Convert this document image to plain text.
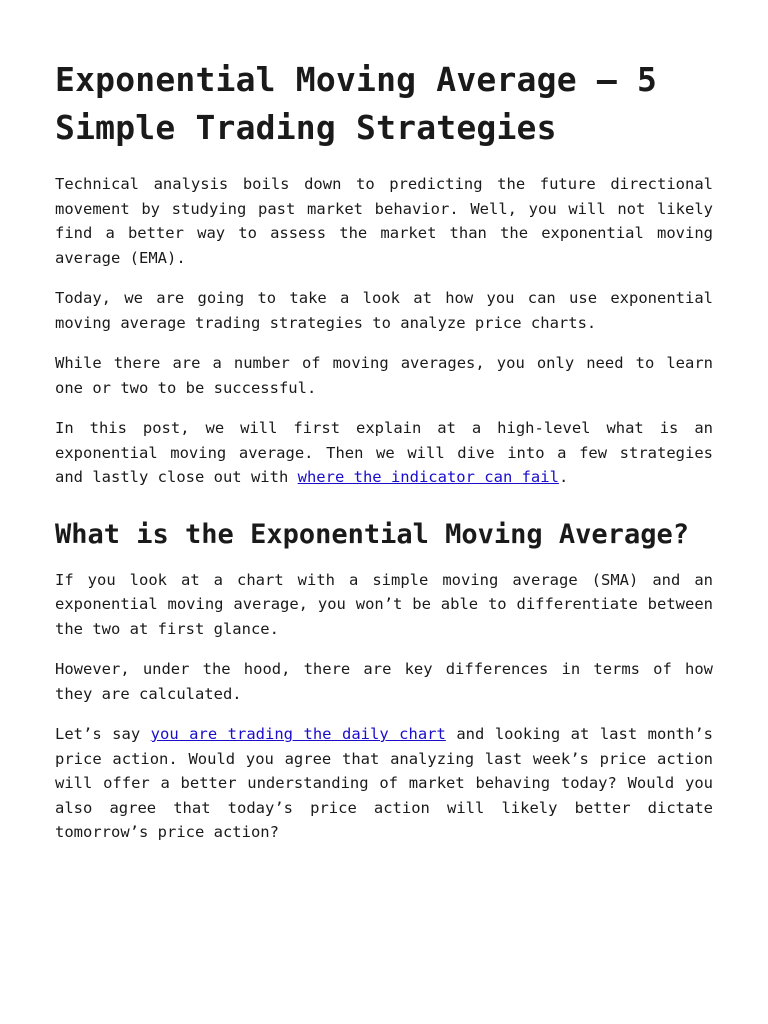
Exponential Moving Average – 5 Simple Trading Strategies

Technical analysis boils down to predicting the future directional movement by studying past market behavior. Well, you will not likely find a better way to assess the market than the exponential moving average (EMA).

Today, we are going to take a look at how you can use exponential moving average trading strategies to analyze price charts.

While there are a number of moving averages, you only need to learn one or two to be successful.

In this post, we will first explain at a high-level what is an exponential moving average. Then we will dive into a few strategies and lastly close out with where the indicator can fail.

What is the Exponential Moving Average?

If you look at a chart with a simple moving average (SMA) and an exponential moving average, you won’t be able to differentiate between the two at first glance.

However, under the hood, there are key differences in terms of how they are calculated.

Let’s say you are trading the daily chart and looking at last month’s price action. Would you agree that analyzing last week’s price action will offer a better understanding of market behaving today? Would you also agree that today’s price action will likely better dictate tomorrow’s price action?
